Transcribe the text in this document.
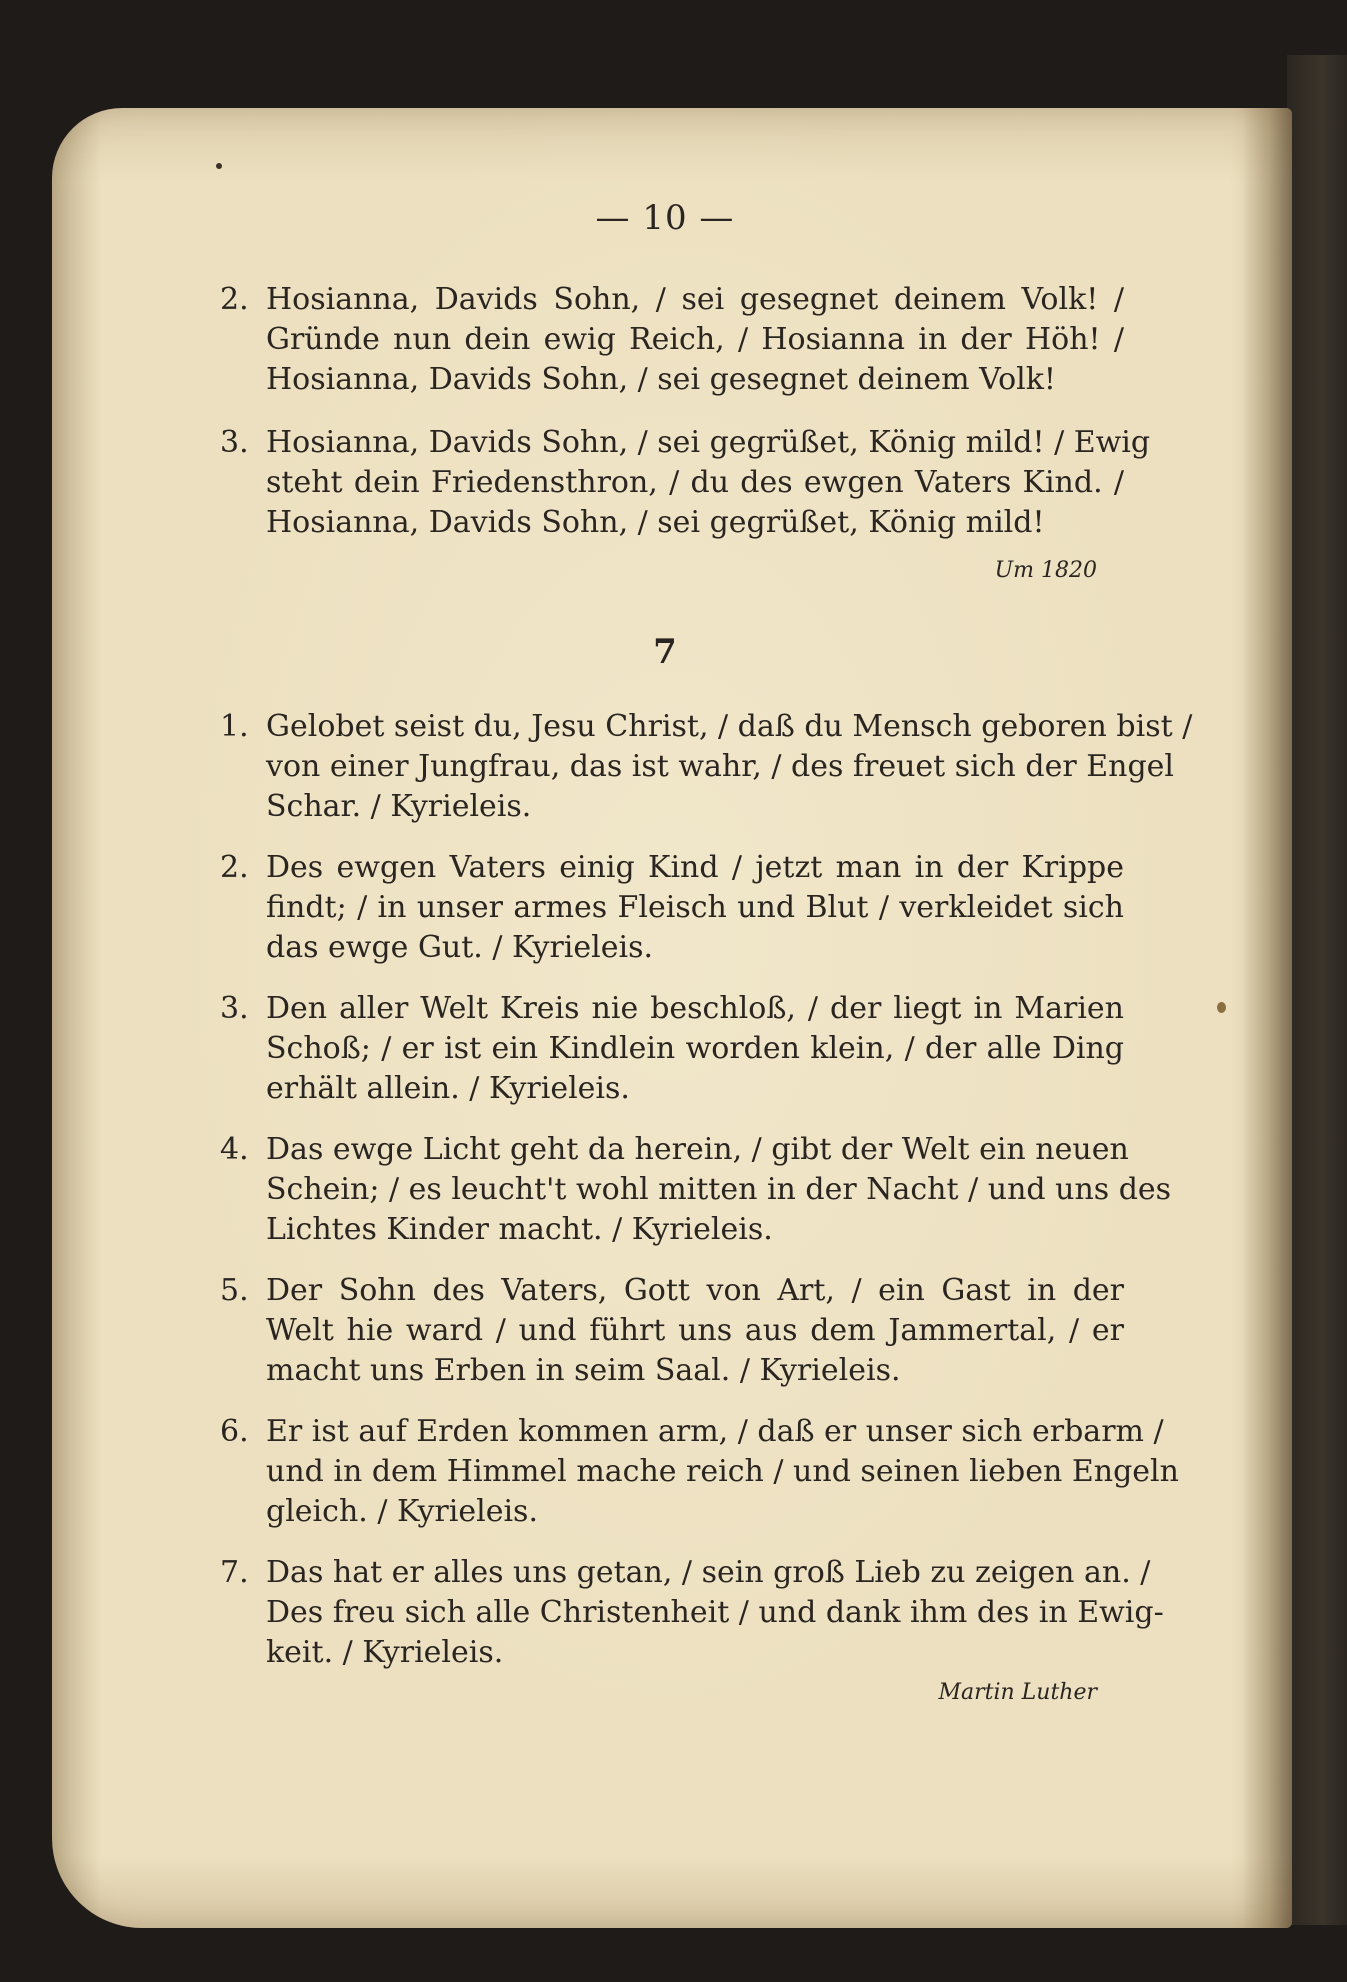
— 10 —
2. Hosianna, Davids Sohn, / sei gesegnet deinem Volk! /
Gründe nun dein ewig Reich, / Hosianna in der Höh! /
Hosianna, Davids Sohn, / sei gesegnet deinem Volk!
3. Hosianna, Davids Sohn, / sei gegrüßet, König mild! / Ewig
steht dein Friedensthron, / du des ewgen Vaters Kind. /
Hosianna, Davids Sohn, / sei gegrüßet, König mild!
Um 1820
7
1. Gelobet seist du, Jesu Christ, / daß du Mensch geboren bist /
von einer Jungfrau, das ist wahr, / des freuet sich der Engel
Schar. / Kyrieleis.
2. Des ewgen Vaters einig Kind / jetzt man in der Krippe
findt; / in unser armes Fleisch und Blut / verkleidet sich
das ewge Gut. / Kyrieleis.
3. Den aller Welt Kreis nie beschloß, / der liegt in Marien
Schoß; / er ist ein Kindlein worden klein, / der alle Ding
erhält allein. / Kyrieleis.
4. Das ewge Licht geht da herein, / gibt der Welt ein neuen
Schein; / es leucht't wohl mitten in der Nacht / und uns des
Lichtes Kinder macht. / Kyrieleis.
5. Der Sohn des Vaters, Gott von Art, / ein Gast in der
Welt hie ward / und führt uns aus dem Jammertal, / er
macht uns Erben in seim Saal. / Kyrieleis.
6. Er ist auf Erden kommen arm, / daß er unser sich erbarm /
und in dem Himmel mache reich / und seinen lieben Engeln
gleich. / Kyrieleis.
7. Das hat er alles uns getan, / sein groß Lieb zu zeigen an. /
Des freu sich alle Christenheit / und dank ihm des in Ewig-
keit. / Kyrieleis.
Martin Luther
